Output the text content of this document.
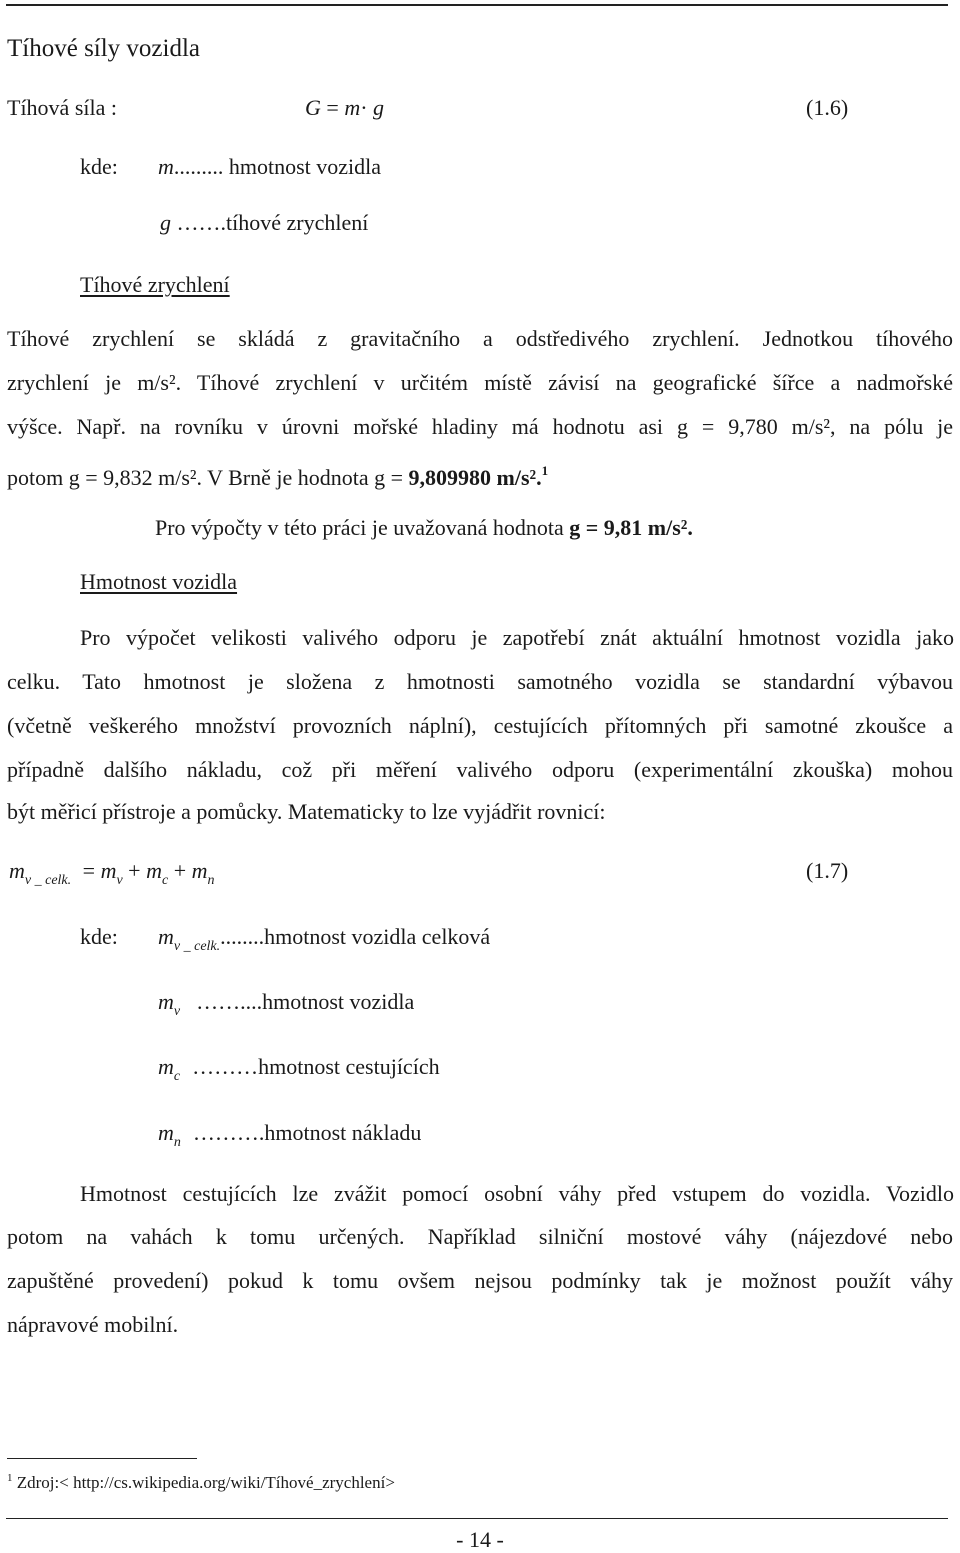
Tíhové síly vozidla
Tíhová síla :	G = m· g	(1.6)
kde: m......... hmotnost vozidla
g …….tíhové zrychlení
Tíhové zrychlení
Tíhové zrychlení se skládá z gravitačního a odstředivého zrychlení. Jednotkou tíhového
zrychlení je m/s². Tíhové zrychlení v určitém místě závisí na geografické šířce a nadmořské
výšce. Např. na rovníku v úrovni mořské hladiny má hodnotu asi g = 9,780 m/s², na pólu je
potom g = 9,832 m/s². V Brně je hodnota g = 9,809980 m/s².$^1$
Pro výpočty v této práci je uvažovaná hodnota g = 9,81 m/s².
Hmotnost vozidla
Pro výpočet velikosti valivého odporu je zapotřebí znát aktuální hmotnost vozidla jako
celku. Tato hmotnost je složena z hmotnosti samotného vozidla se standardní výbavou
(včetně veškerého množství provozních náplní), cestujících přítomných při samotné zkoušce a
případně dalšího nákladu, což při měření valivého odporu (experimentální zkouška) mohou
být měřicí přístroje a pomůcky. Matematicky to lze vyjádřit rovnicí:
$m_{v \_ celk.} = m_v + m_c + m_n$	(1.7)
kde: $m_{v \_ celk.}........hmotnost$ vozidla celková
$m_v$ ……....hmotnost vozidla
$m_c$ ………hmotnost cestujících
$m_n$ ……….hmotnost nákladu
Hmotnost cestujících lze zvážit pomocí osobní váhy před vstupem do vozidla. Vozidlo
potom na vahách k tomu určených. Například silniční mostové váhy (nájezdové nebo
zapuštěné provedení) pokud k tomu ovšem nejsou podmínky tak je možnost použít váhy
nápravové mobilní.
$^1$ Zdroj:< http://cs.wikipedia.org/wiki/Tíhové_zrychlení>
- 14 -
